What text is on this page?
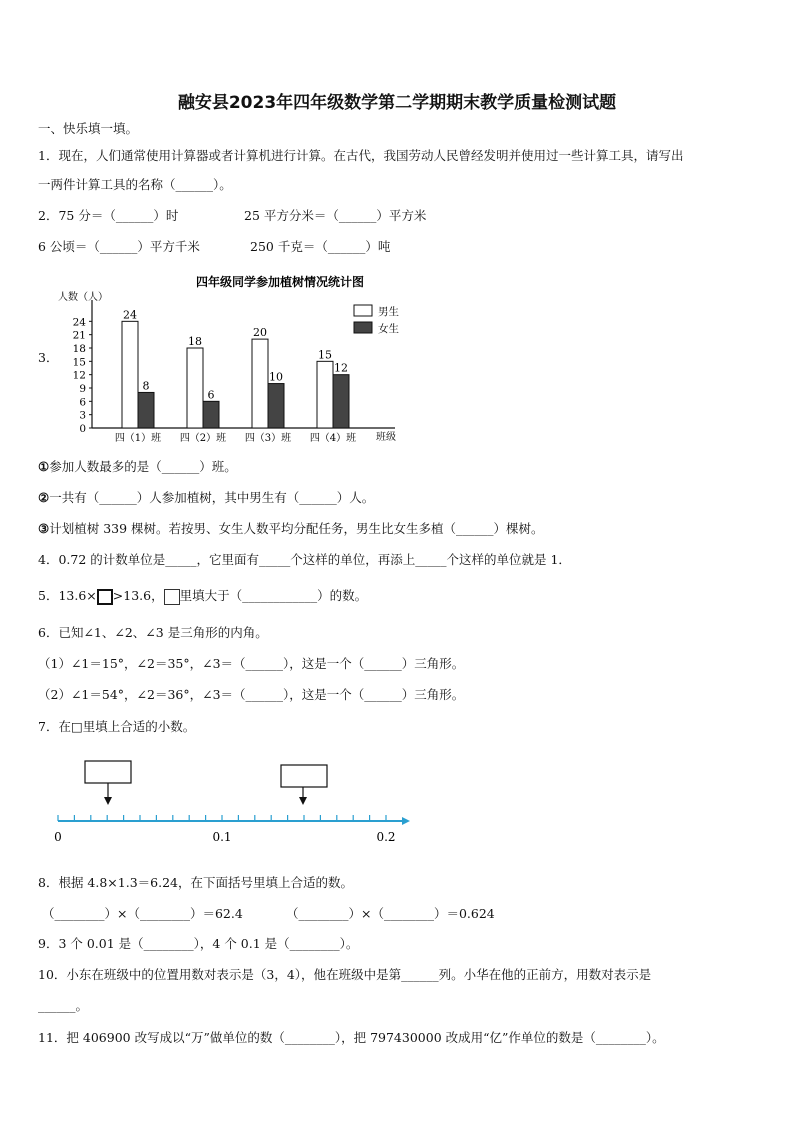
融安县2023年四年级数学第二学期期末教学质量检测试题
一、快乐填一填。
1．现在，人们通常使用计算器或者计算机进行计算。在古代，我国劳动人民曾经发明并使用过一些计算工具，请写出
一两件计算工具的名称（______）。
2．75 分＝（______）时	25 平方分米＝（______）平方米
6 公顷＝（______）平方千米	250 千克＝（______）吨
3．
四年级同学参加植树情况统计图
人数（人）
班级
0
3
6
9
12
15
18
21
24
24
8
四（1）班
18
6
四（2）班
20
10
四（3）班
15
12
四（4）班
男生
女生
①参加人数最多的是（______）班。
②一共有（______）人参加植树，其中男生有（______）人。
③计划植树 339 棵树。若按男、女生人数平均分配任务，男生比女生多植（______）棵树。
4．0.72 的计数单位是_____，它里面有_____个这样的单位，再添上_____个这样的单位就是 1．
5．13.6× >13.6， 里填大于（____________）的数。
6．已知∠1、∠2、∠3 是三角形的内角。
（1）∠1＝15°，∠2＝35°，∠3＝（______），这是一个（______）三角形。
（2）∠1＝54°，∠2＝36°，∠3＝（______），这是一个（______）三角形。
7．在□里填上合适的小数。
0	0.1	0.2
8．根据 4.8×1.3＝6.24，在下面括号里填上合适的数。
（________）×（________）＝62.4	（________）×（________）＝0.624
9．3 个 0.01 是（________），4 个 0.1 是（________）。
10．小东在班级中的位置用数对表示是（3，4），他在班级中是第______列。小华在他的正前方，用数对表示是
______。
11．把 406900 改写成以“万”做单位的数（________），把 797430000 改成用“亿”作单位的数是（________）。
